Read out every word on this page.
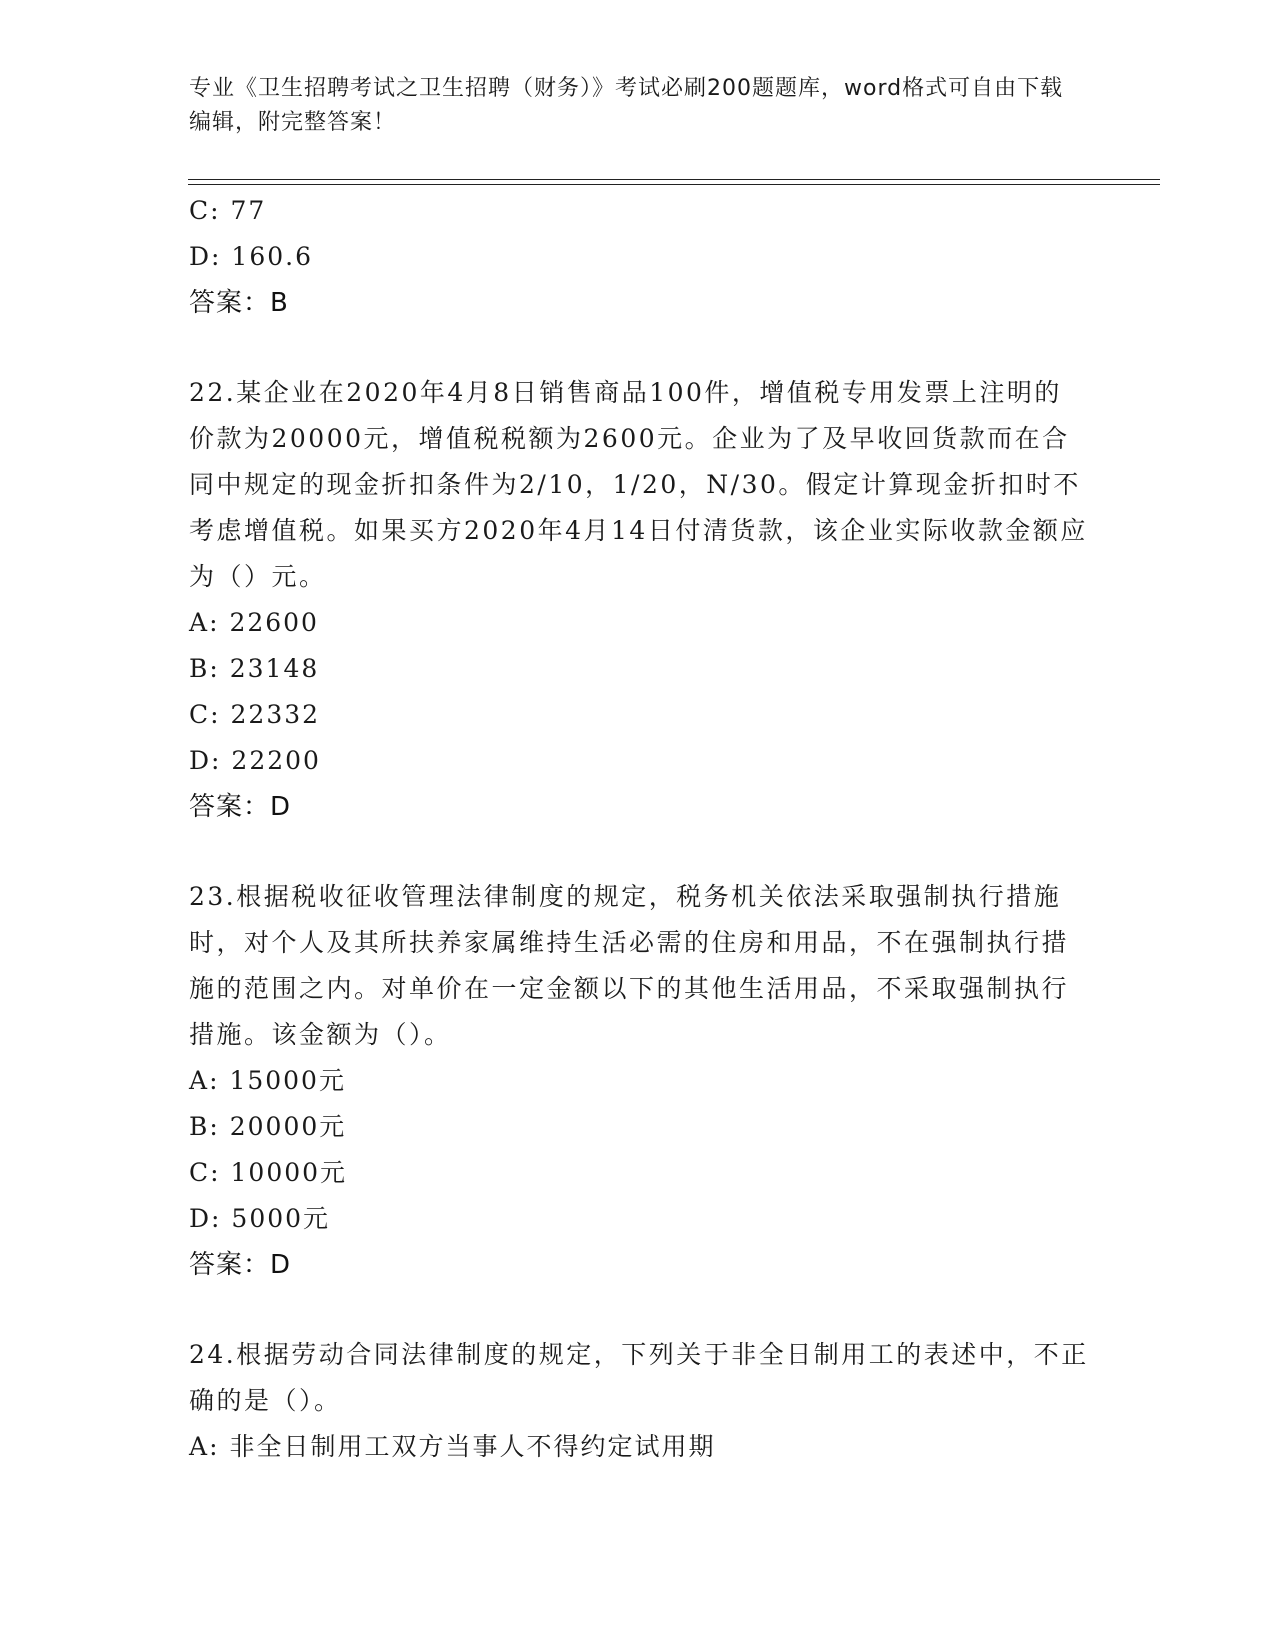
专业《卫生招聘考试之卫生招聘（财务）》考试必刷200题题库，word格式可自由下载编辑，附完整答案！
C: 77
D: 160.6
答案：B
22.某企业在2020年4月8日销售商品100件，增值税专用发票上注明的价款为20000元，增值税税额为2600元。企业为了及早收回货款而在合同中规定的现金折扣条件为2/10，1/20，N/30。假定计算现金折扣时不考虑增值税。如果买方2020年4月14日付清货款，该企业实际收款金额应为（）元。
A: 22600
B: 23148
C: 22332
D: 22200
答案：D
23.根据税收征收管理法律制度的规定，税务机关依法采取强制执行措施时，对个人及其所扶养家属维持生活必需的住房和用品，不在强制执行措施的范围之内。对单价在一定金额以下的其他生活用品，不采取强制执行措施。该金额为（）。
A: 15000元
B: 20000元
C: 10000元
D: 5000元
答案：D
24.根据劳动合同法律制度的规定，下列关于非全日制用工的表述中，不正确的是（）。
A: 非全日制用工双方当事人不得约定试用期
